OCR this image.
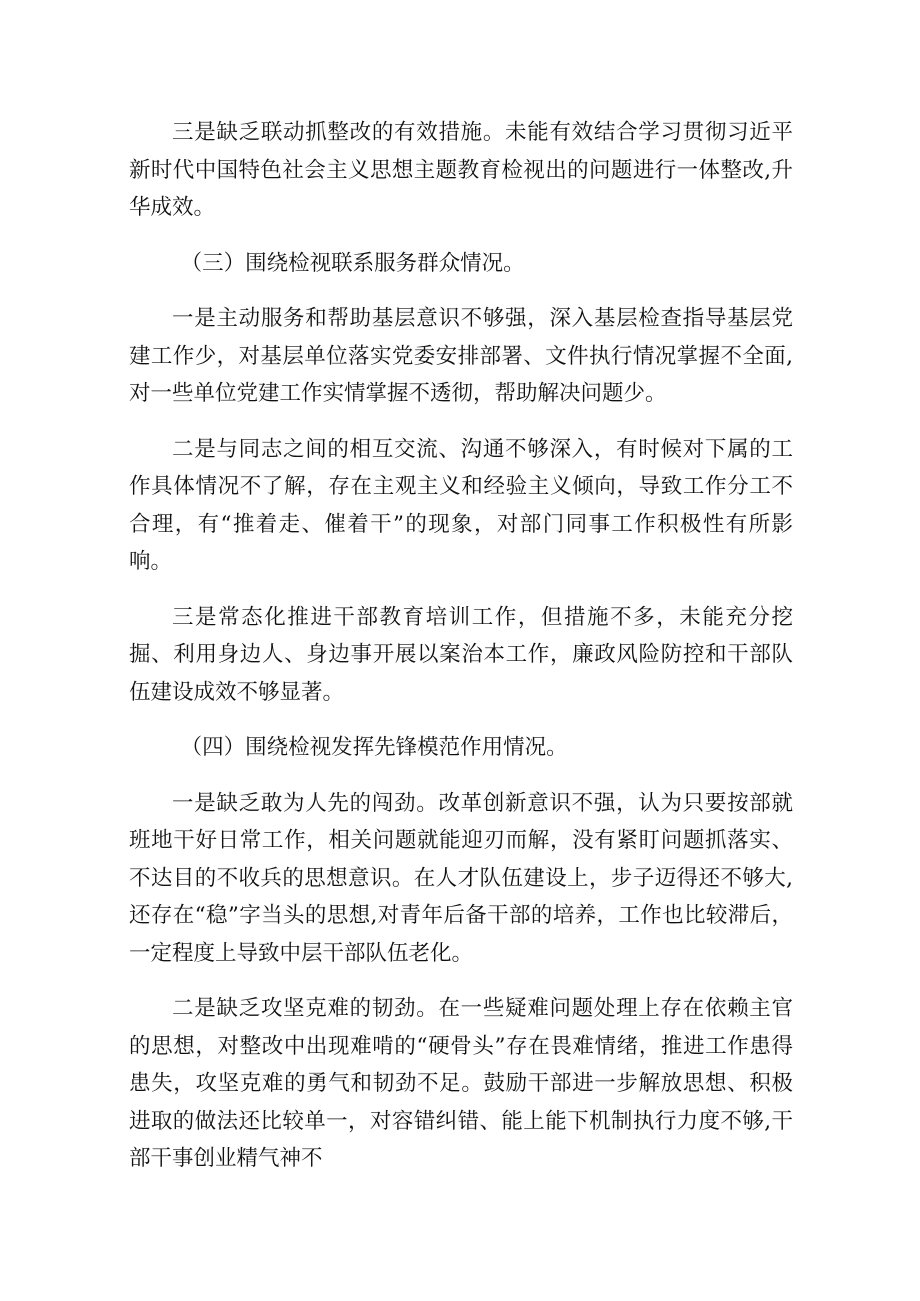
三是缺乏联动抓整改的有效措施。未能有效结合学习贯彻习近平新时代中国特色社会主义思想主题教育检视出的问题进行一体整改,升华成效。

（三）围绕检视联系服务群众情况。

一是主动服务和帮助基层意识不够强，深入基层检查指导基层党建工作少，对基层单位落实党委安排部署、文件执行情况掌握不全面,对一些单位党建工作实情掌握不透彻，帮助解决问题少。

二是与同志之间的相互交流、沟通不够深入，有时候对下属的工作具体情况不了解，存在主观主义和经验主义倾向，导致工作分工不合理，有“推着走、催着干”的现象，对部门同事工作积极性有所影响。

三是常态化推进干部教育培训工作，但措施不多，未能充分挖掘、利用身边人、身边事开展以案治本工作，廉政风险防控和干部队伍建设成效不够显著。

（四）围绕检视发挥先锋模范作用情况。

一是缺乏敢为人先的闯劲。改革创新意识不强，认为只要按部就班地干好日常工作，相关问题就能迎刃而解，没有紧盯问题抓落实、不达目的不收兵的思想意识。在人才队伍建设上，步子迈得还不够大,还存在“稳”字当头的思想,对青年后备干部的培养，工作也比较滞后，一定程度上导致中层干部队伍老化。

二是缺乏攻坚克难的韧劲。在一些疑难问题处理上存在依赖主官的思想，对整改中出现难啃的“硬骨头”存在畏难情绪，推进工作患得患失，攻坚克难的勇气和韧劲不足。鼓励干部进一步解放思想、积极进取的做法还比较单一，对容错纠错、能上能下机制执行力度不够,干部干事创业精气神不
